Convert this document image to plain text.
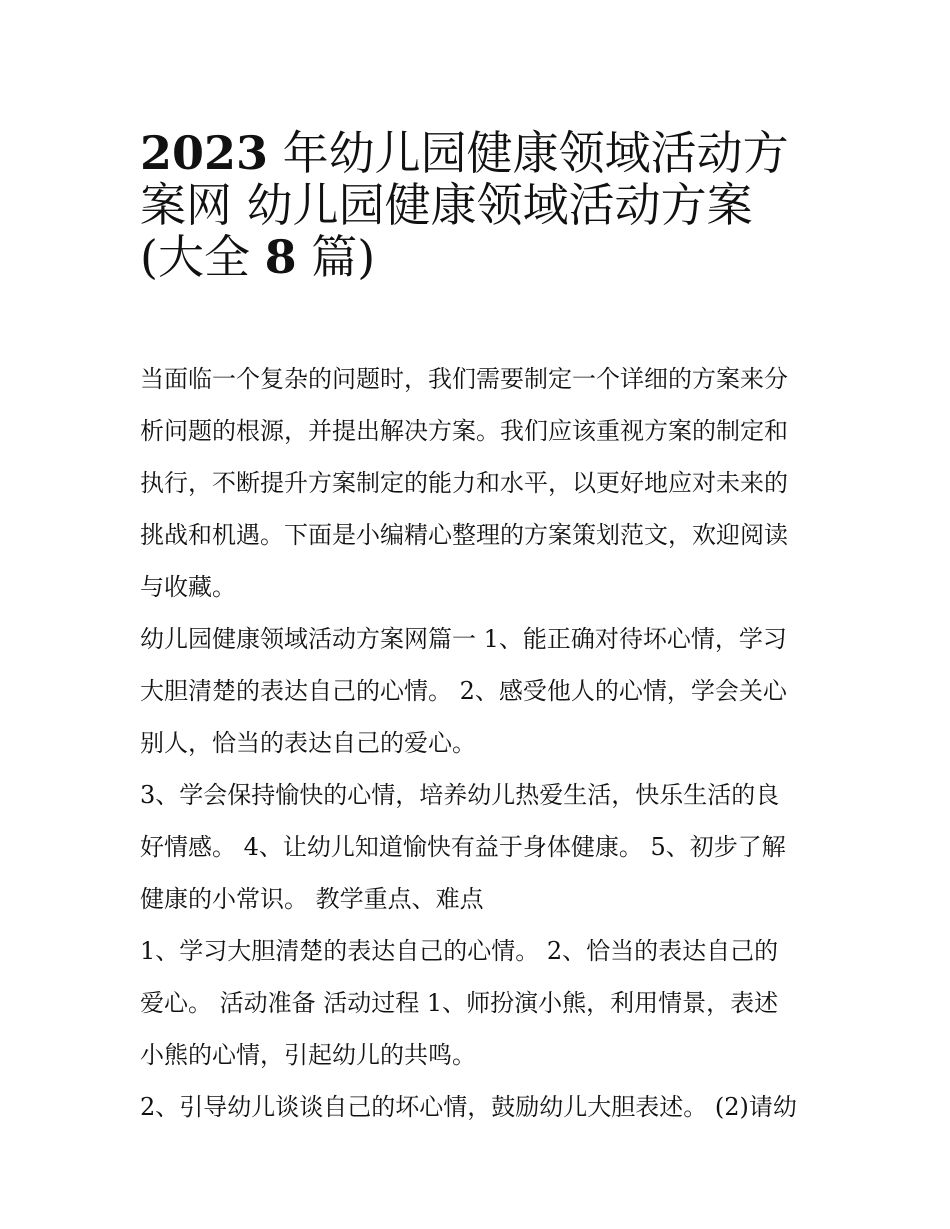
2023 年幼儿园健康领域活动方
案网 幼儿园健康领域活动方案
(大全 8 篇)

当面临一个复杂的问题时，我们需要制定一个详细的方案来分
析问题的根源，并提出解决方案。我们应该重视方案的制定和
执行，不断提升方案制定的能力和水平，以更好地应对未来的
挑战和机遇。下面是小编精心整理的方案策划范文，欢迎阅读
与收藏。

幼儿园健康领域活动方案网篇一 1、能正确对待坏心情，学习
大胆清楚的表达自己的心情。 2、感受他人的心情，学会关心
别人，恰当的表达自己的爱心。

3、学会保持愉快的心情，培养幼儿热爱生活，快乐生活的良
好情感。 4、让幼儿知道愉快有益于身体健康。 5、初步了解
健康的小常识。 教学重点、难点

1、学习大胆清楚的表达自己的心情。 2、恰当的表达自己的
爱心。 活动准备 活动过程 1、师扮演小熊，利用情景，表述
小熊的心情，引起幼儿的共鸣。

2、引导幼儿谈谈自己的坏心情，鼓励幼儿大胆表述。 (2)请幼
